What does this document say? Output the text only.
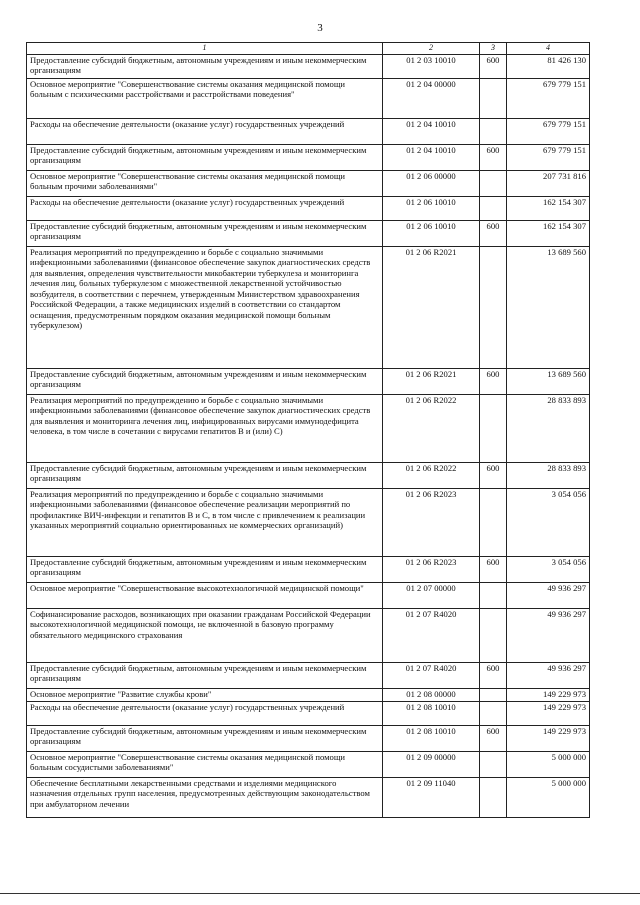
3
1	2	3	4
Предоставление субсидий бюджетным, автономным учреждениям и иным некоммерческим организациям	01 2 03 10010	600	81 426 130
Основное мероприятие "Совершенствование системы оказания медицинской помощи больным с психическими расстройствами и расстройствами поведения"	01 2 04 00000		679 779 151
Расходы на обеспечение деятельности (оказание услуг) государственных учреждений	01 2 04 10010		679 779 151
Предоставление субсидий бюджетным, автономным учреждениям и иным некоммерческим организациям	01 2 04 10010	600	679 779 151
Основное мероприятие "Совершенствование системы оказания медицинской помощи больным прочими заболеваниями"	01 2 06 00000		207 731 816
Расходы на обеспечение деятельности (оказание услуг) государственных учреждений	01 2 06 10010		162 154 307
Предоставление субсидий бюджетным, автономным учреждениям и иным некоммерческим организациям	01 2 06 10010	600	162 154 307
Реализация мероприятий по предупреждению и борьбе с социально значимыми инфекционными заболеваниями (финансовое обеспечение закупок диагностических средств для выявления, определения чувствительности микобактерии туберкулеза и мониторинга лечения лиц, больных туберкулезом с множественной лекарственной устойчивостью возбудителя, в соответствии с перечнем, утвержденным Министерством здравоохранения Российской Федерации, а также медицинских изделий в соответствии со стандартом оснащения, предусмотренным порядком оказания медицинской помощи больным туберкулезом)	01 2 06 R2021		13 689 560
Предоставление субсидий бюджетным, автономным учреждениям и иным некоммерческим организациям	01 2 06 R2021	600	13 689 560
Реализация мероприятий по предупреждению и борьбе с социально значимыми инфекционными заболеваниями (финансовое обеспечение закупок диагностических средств для выявления и мониторинга лечения лиц, инфицированных вирусами иммунодефицита человека, в том числе в сочетании с вирусами гепатитов В и (или) С)	01 2 06 R2022		28 833 893
Предоставление субсидий бюджетным, автономным учреждениям и иным некоммерческим организациям	01 2 06 R2022	600	28 833 893
Реализация мероприятий по предупреждению и борьбе с социально значимыми инфекционными заболеваниями (финансовое обеспечение реализации мероприятий по профилактике ВИЧ-инфекции и гепатитов В и С, в том числе с привлечением к реализации указанных мероприятий социально ориентированных не коммерческих организаций)	01 2 06 R2023		3 054 056
Предоставление субсидий бюджетным, автономным учреждениям и иным некоммерческим организациям	01 2 06 R2023	600	3 054 056
Основное мероприятие "Совершенствование высокотехнологичной медицинской помощи"	01 2 07 00000		49 936 297
Софинансирование расходов, возникающих при оказании гражданам Российской Федерации высокотехнологичной медицинской помощи, не включенной в базовую программу обязательного медицинского страхования	01 2 07 R4020		49 936 297
Предоставление субсидий бюджетным, автономным учреждениям и иным некоммерческим организациям	01 2 07 R4020	600	49 936 297
Основное мероприятие "Развитие службы крови"	01 2 08 00000		149 229 973
Расходы на обеспечение деятельности (оказание услуг) государственных учреждений	01 2 08 10010		149 229 973
Предоставление субсидий бюджетным, автономным учреждениям и иным некоммерческим организациям	01 2 08 10010	600	149 229 973
Основное мероприятие "Совершенствование системы оказания медицинской помощи больным сосудистыми заболеваниями"	01 2 09 00000		5 000 000
Обеспечение бесплатными лекарственными средствами и изделиями медицинского назначения отдельных групп населения, предусмотренных действующим законодательством при амбулаторном лечении	01 2 09 11040		5 000 000
